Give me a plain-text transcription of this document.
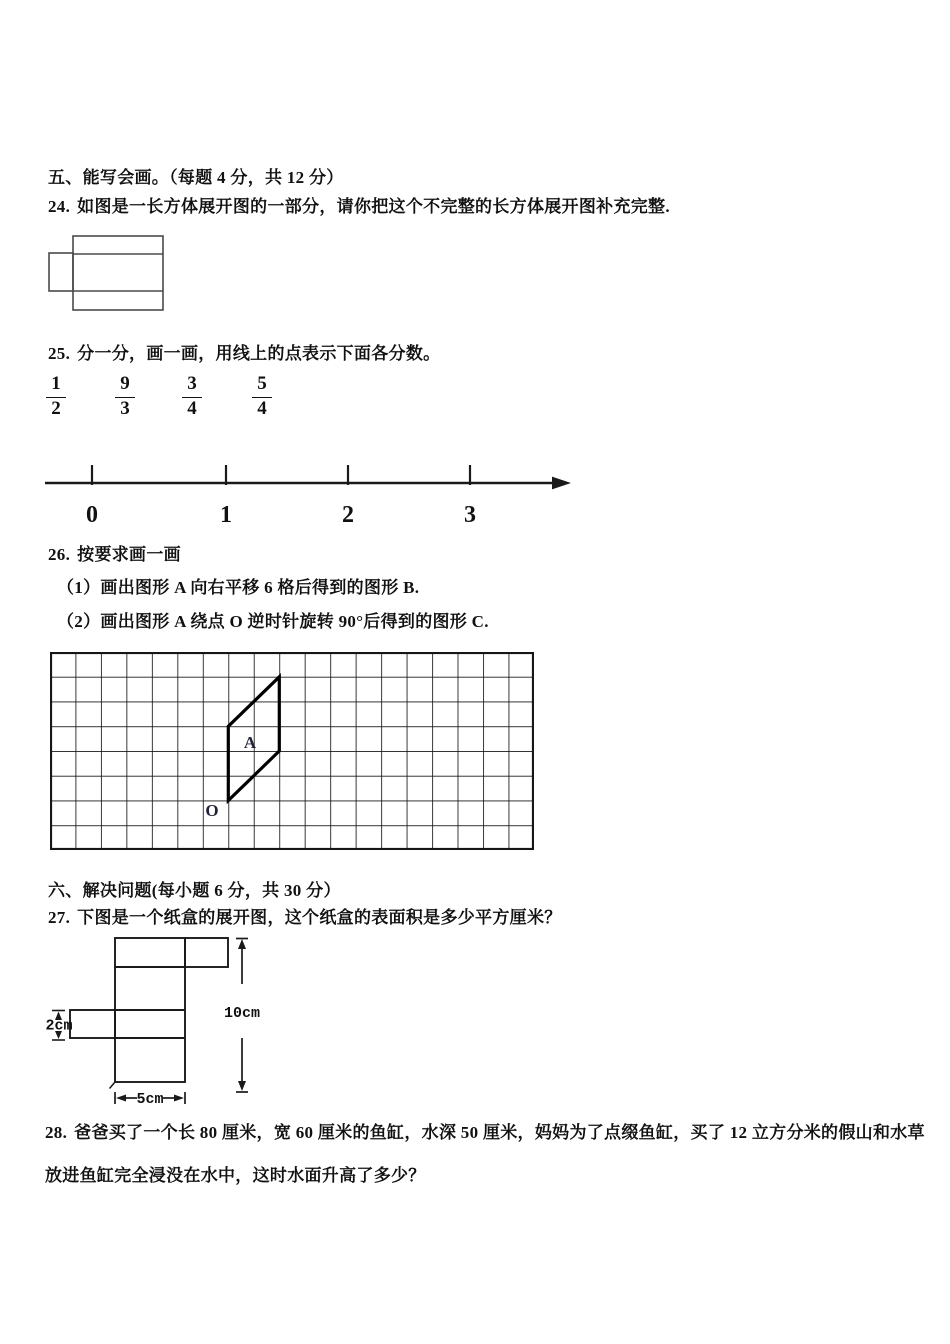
五、能写会画。（每题 4 分，共 12 分）
24. 如图是一长方体展开图的一部分，请你把这个不完整的长方体展开图补充完整.
25. 分一分，画一画，用线上的点表示下面各分数。
$\frac{1}{2}$	$\frac{9}{3} \frac{3}{4}$	$\frac{5}{4}$
0	1	2	3
26. 按要求画一画
（1）画出图形 A 向右平移 6 格后得到的图形 B.
（2）画出图形 A 绕点 O 逆时针旋转 90°后得到的图形 C.
A
O
六、解决问题(每小题 6 分，共 30 分）
27. 下图是一个纸盒的展开图，这个纸盒的表面积是多少平方厘米？
10cm
2cm
5cm
28. 爸爸买了一个长 80 厘米，宽 60 厘米的鱼缸，水深 50 厘米，妈妈为了点缀鱼缸，买了 12 立方分米的假山和水草
放进鱼缸完全浸没在水中，这时水面升高了多少？
